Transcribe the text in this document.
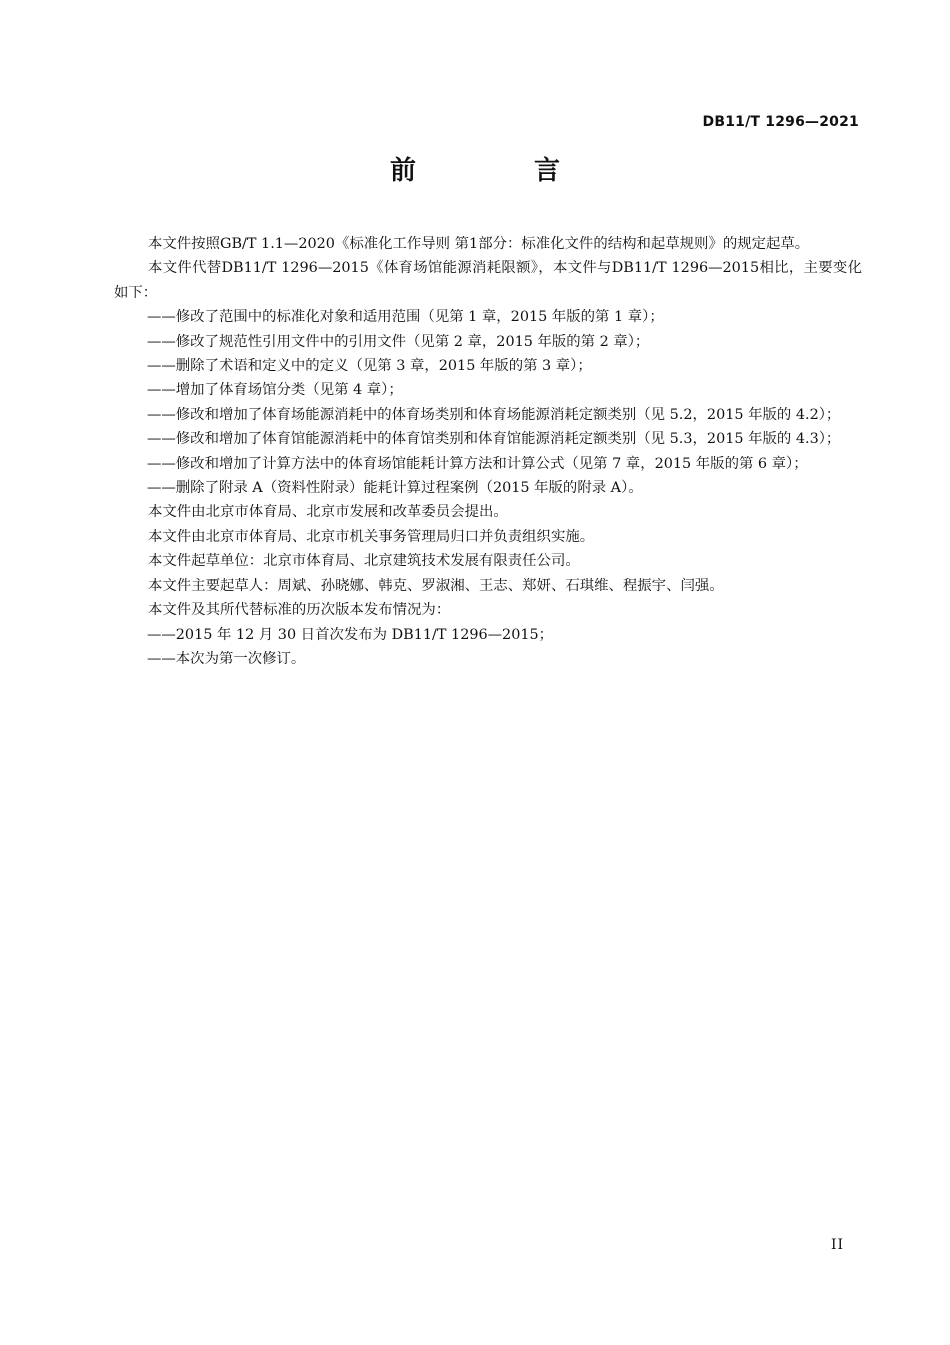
DB11/T 1296—2021
前　言

本文件按照GB/T 1.1—2020《标准化工作导则 第1部分：标准化文件的结构和起草规则》的规定起草。

本文件代替DB11/T 1296—2015《体育场馆能源消耗限额》，本文件与DB11/T 1296—2015相比，主要变化如下：

——修改了范围中的标准化对象和适用范围（见第 1 章，2015 年版的第 1 章）；

——修改了规范性引用文件中的引用文件（见第 2 章，2015 年版的第 2 章）；

——删除了术语和定义中的定义（见第 3 章，2015 年版的第 3 章）；

——增加了体育场馆分类（见第 4 章）；

——修改和增加了体育场能源消耗中的体育场类别和体育场能源消耗定额类别（见 5.2，2015 年版的 4.2）；

——修改和增加了体育馆能源消耗中的体育馆类别和体育馆能源消耗定额类别（见 5.3，2015 年版的 4.3）；

——修改和增加了计算方法中的体育场馆能耗计算方法和计算公式（见第 7 章，2015 年版的第 6 章）；

——删除了附录 A（资料性附录）能耗计算过程案例（2015 年版的附录 A）。

本文件由北京市体育局、北京市发展和改革委员会提出。

本文件由北京市体育局、北京市机关事务管理局归口并负责组织实施。

本文件起草单位：北京市体育局、北京建筑技术发展有限责任公司。

本文件主要起草人：周斌、孙晓娜、韩克、罗淑湘、王志、郑妍、石琪维、程振宇、闫强。

本文件及其所代替标准的历次版本发布情况为：

——2015 年 12 月 30 日首次发布为 DB11/T 1296—2015；

——本次为第一次修订。

II
